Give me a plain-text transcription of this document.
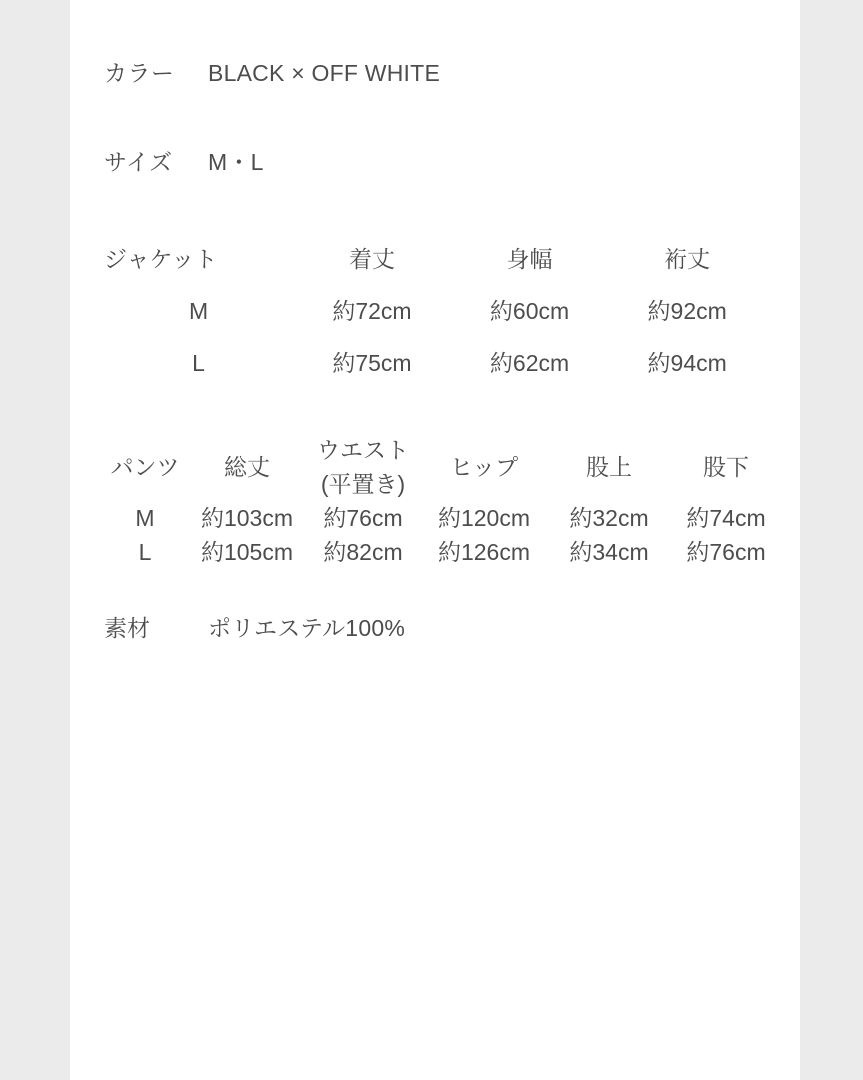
カラー	BLACK × OFF WHITE
サイズ	M・L
ジャケット	着丈	身幅	裄丈
M	約72cm	約60cm	約92cm
L	約75cm	約62cm	約94cm
パンツ	総丈	ウエスト(平置き)	ヒップ	股上	股下
M	約103cm	約76cm	約120cm	約32cm	約74cm
L	約105cm	約82cm	約126cm	約34cm	約76cm
素材	ポリエステル100%
